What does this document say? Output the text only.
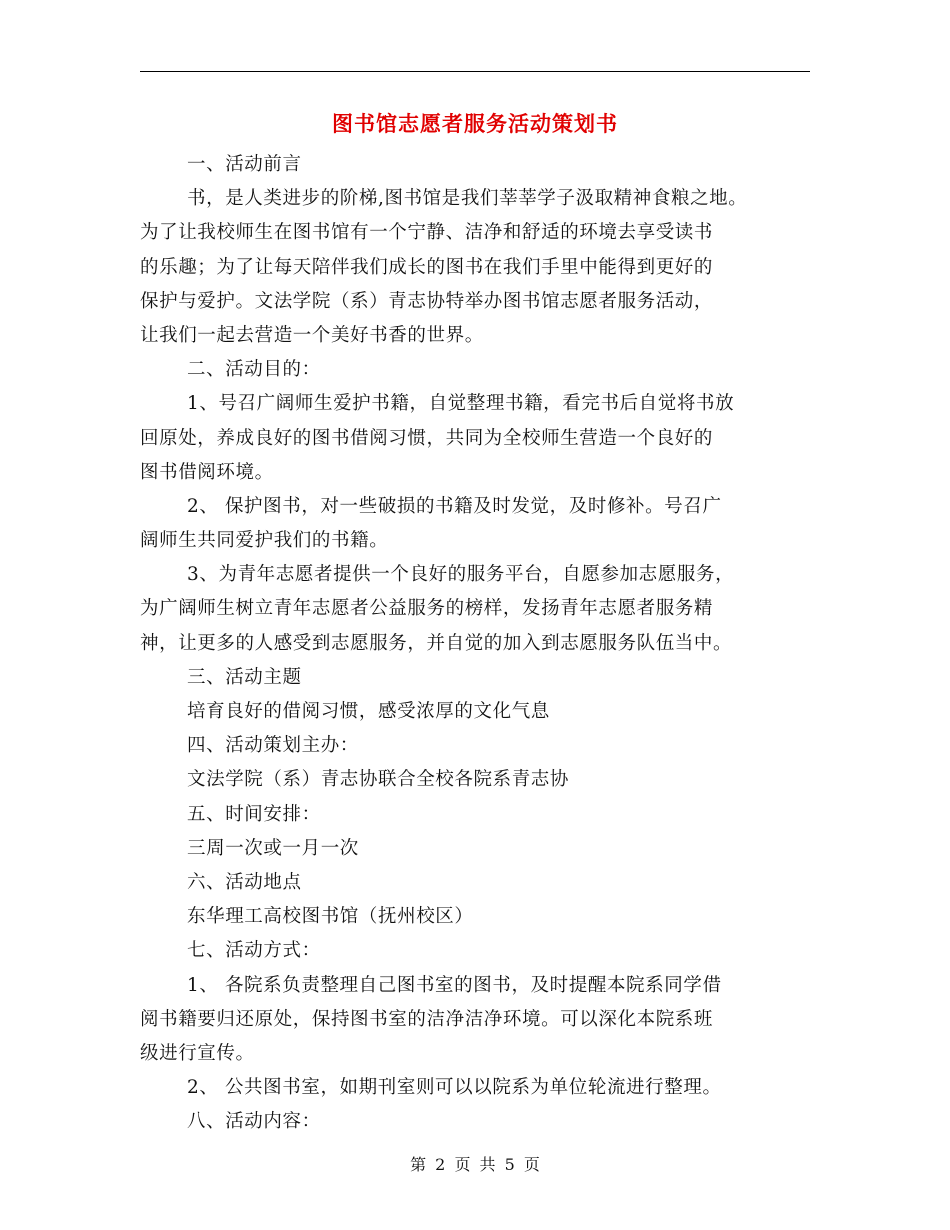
图书馆志愿者服务活动策划书
一、活动前言
书，是人类进步的阶梯,图书馆是我们莘莘学子汲取精神食粮之地。
为了让我校师生在图书馆有一个宁静、洁净和舒适的环境去享受读书
的乐趣；为了让每天陪伴我们成长的图书在我们手里中能得到更好的
保护与爱护。文法学院（系）青志协特举办图书馆志愿者服务活动，
让我们一起去营造一个美好书香的世界。
二、活动目的：
1、号召广阔师生爱护书籍，自觉整理书籍，看完书后自觉将书放
回原处，养成良好的图书借阅习惯，共同为全校师生营造一个良好的
图书借阅环境。
2、 保护图书，对一些破损的书籍及时发觉，及时修补。号召广
阔师生共同爱护我们的书籍。
3、为青年志愿者提供一个良好的服务平台，自愿参加志愿服务，
为广阔师生树立青年志愿者公益服务的榜样，发扬青年志愿者服务精
神，让更多的人感受到志愿服务，并自觉的加入到志愿服务队伍当中。
三、活动主题
培育良好的借阅习惯，感受浓厚的文化气息
四、活动策划主办：
文法学院（系）青志协联合全校各院系青志协
五、时间安排：
三周一次或一月一次
六、活动地点
东华理工高校图书馆（抚州校区）
七、活动方式：
1、 各院系负责整理自己图书室的图书，及时提醒本院系同学借
阅书籍要归还原处，保持图书室的洁净洁净环境。可以深化本院系班
级进行宣传。
2、 公共图书室，如期刊室则可以以院系为单位轮流进行整理。
八、活动内容：
第 2 页 共 5 页
